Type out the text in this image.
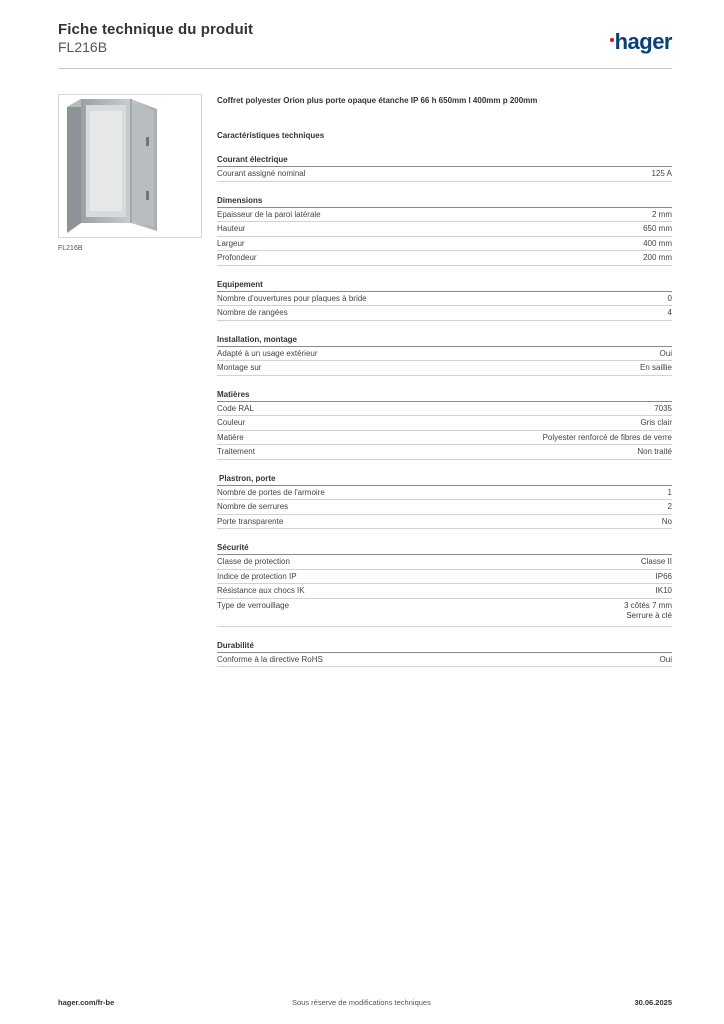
Fiche technique du produit
FL216B	hager
FL216B
Coffret polyester Orion plus porte opaque étanche IP 66 h 650mm l 400mm p 200mm
Caractéristiques techniques
Courant électrique
Courant assigné nominal	125 A
Dimensions
Epaisseur de la paroi latérale	2 mm
Hauteur	650 mm
Largeur	400 mm
Profondeur	200 mm
Equipement
Nombre d'ouvertures pour plaques à bride	0
Nombre de rangées	4
Installation, montage
Adapté à un usage extérieur	Oui
Montage sur	En saillie
Matières
Code RAL	7035
Couleur	Gris clair
Matière	Polyester renforcé de fibres de verre
Traitement	Non traité
Plastron, porte
Nombre de portes de l'armoire	1
Nombre de serrures	2
Porte transparente	No
Sécurité
Classe de protection	Classe II
Indice de protection IP	IP66
Résistance aux chocs IK	IK10
Type de verrouillage	3 côtés 7 mm
Serrure à clé
Durabilité
Conforme à la directive RoHS	Oui
hager.com/fr-be	Sous réserve de modifications techniques	30.06.2025
